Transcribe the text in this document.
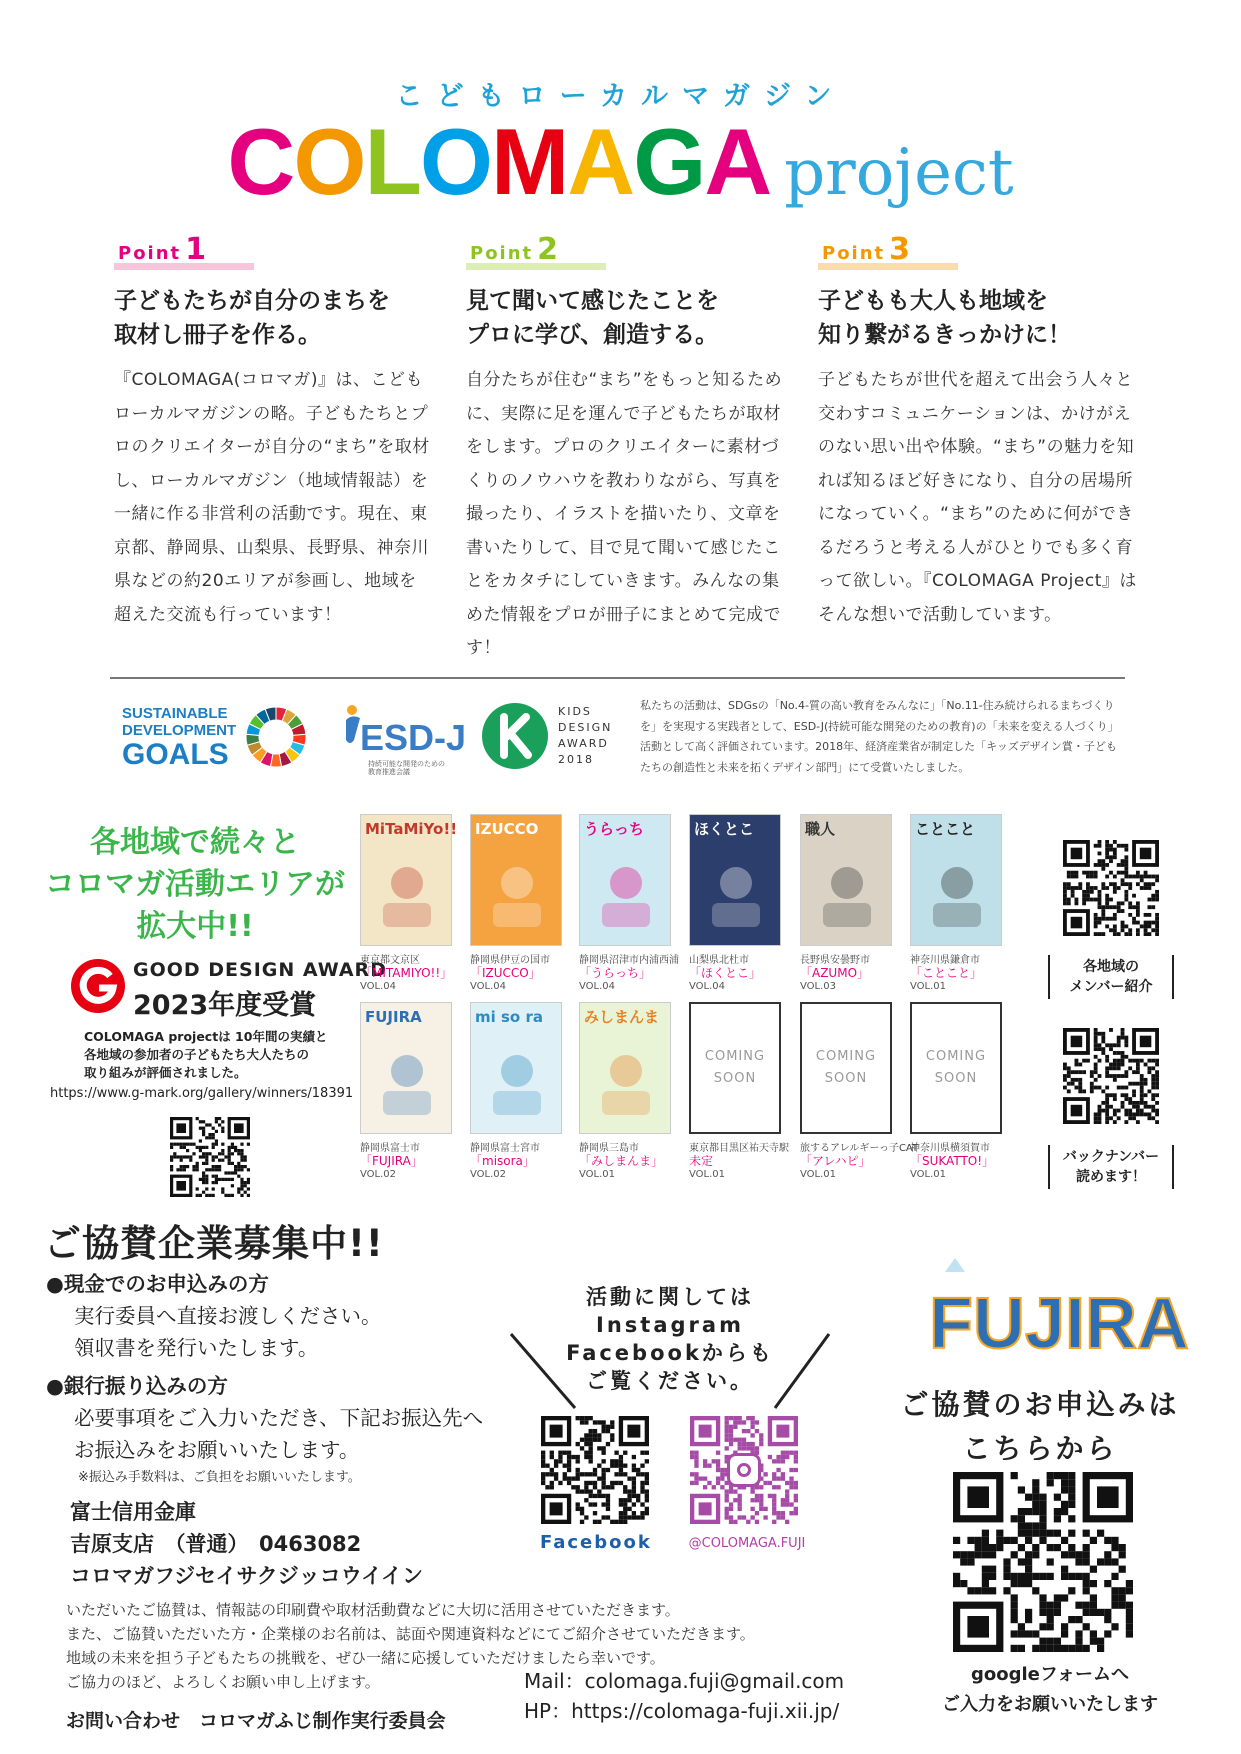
こどもローカルマガジン
COLOMAGA project
Point 1
子どもたちが自分のまちを
取材し冊子を作る。
『COLOMAGA(コロマガ)』は、こどもローカルマガジンの略。子どもたちとプロのクリエイターが自分の“まち”を取材し、ローカルマガジン（地域情報誌）を一緒に作る非営利の活動です。現在、東京都、静岡県、山梨県、長野県、神奈川県などの約20エリアが参画し、地域を超えた交流も行っています！
Point 2
見て聞いて感じたことを
プロに学び、創造する。
自分たちが住む“まち”をもっと知るために、実際に足を運んで子どもたちが取材をします。プロのクリエイターに素材づくりのノウハウを教わりながら、写真を撮ったり、イラストを描いたり、文章を書いたりして、目で見て聞いて感じたことをカタチにしていきます。みんなの集めた情報をプロが冊子にまとめて完成です！
Point 3
子どもも大人も地域を
知り繋がるきっかけに！
子どもたちが世代を超えて出会う人々と交わすコミュニケーションは、かけがえのない思い出や体験。“まち”の魅力を知れば知るほど好きになり、自分の居場所になっていく。“まち”のために何ができるだろうと考える人がひとりでも多く育って欲しい。『COLOMAGA Project』はそんな想いで活動しています。
SUSTAINABLE
DEVELOPMENT
GOALS	ESD-J
持続可能な開発のための教育推進会議
KIDS
DESIGN
AWARD
2018
私たちの活動は、SDGsの「No.4-質の高い教育をみんなに」「No.11-住み続けられるまちづくりを」を実現する実践者として、ESD-J(持続可能な開発のための教育)の「未来を変える人づくり」活動として高く評価されています。2018年、経済産業省が制定した「キッズデザイン賞・子どもたちの創造性と未来を拓くデザイン部門」にて受賞いたしました。
各地域で続々と
コロマガ活動エリアが
拡大中!!
GOOD DESIGN AWARD
2023年度受賞
COLOMAGA projectは 10年間の実績と
各地域の参加者の子どもたち大人たちの
取り組みが評価されました。
https://www.g-mark.org/gallery/winners/18391
MiTaMiYo!!
東京都文京区
「MITAMIYO!!」
VOL.04
IZUCCO
静岡県伊豆の国市
「IZUCCO」
VOL.04
うらっち
静岡県沼津市内浦西浦
「うらっち」
VOL.04
ほくとこ
山梨県北杜市
「ほくとこ」
VOL.04
職人
長野県安曇野市
「AZUMO」
VOL.03
ことこと
神奈川県鎌倉市
「ことこと」
VOL.01
FUJIRA
静岡県富士市
「FUJIRA」
VOL.02
mi so ra
静岡県富士宮市
「misora」
VOL.02
みしまんま
静岡県三島市
「みしまんま」
VOL.01
COMING SOON
東京都目黒区祐天寺駅
未定
VOL.01
COMING SOON
旅するアレルギーっ子CAT
「アレハピ」
VOL.01
COMING SOON
神奈川県横須賀市
「SUKATTO!」
VOL.01
各地域の
メンバー紹介
バックナンバー
読めます！
ご協賛企業募集中!!
●現金でのお申込みの方
実行委員へ直接お渡しください。
領収書を発行いたします。
●銀行振り込みの方
必要事項をご入力いただき、下記お振込先へ
お振込みをお願いいたします。
※振込み手数料は、ご負担をお願いいたします。
富士信用金庫
吉原支店　（普通）　0463082
コロマガフジセイサクジッコウイイン
いただいたご協賛は、情報誌の印刷費や取材活動費などに大切に活用させていただきます。
また、ご協賛いただいた方・企業様のお名前は、誌面や関連資料などにてご紹介させていただきます。
地域の未来を担う子どもたちの挑戦を、ぜひ一緒に応援していただけましたら幸いです。
ご協力のほど、よろしくお願い申し上げます。
お問い合わせ　コロマガふじ制作実行委員会
活動に関しては
Instagram
Facebookからも
ご覧ください。
Facebook	@COLOMAGA.FUJI
Mail：colomaga.fuji@gmail.com
HP：https://colomaga-fuji.xii.jp/
FUJIRA
ご協賛のお申込みは
こちらから
googleフォームへ
ご入力をお願いいたします
